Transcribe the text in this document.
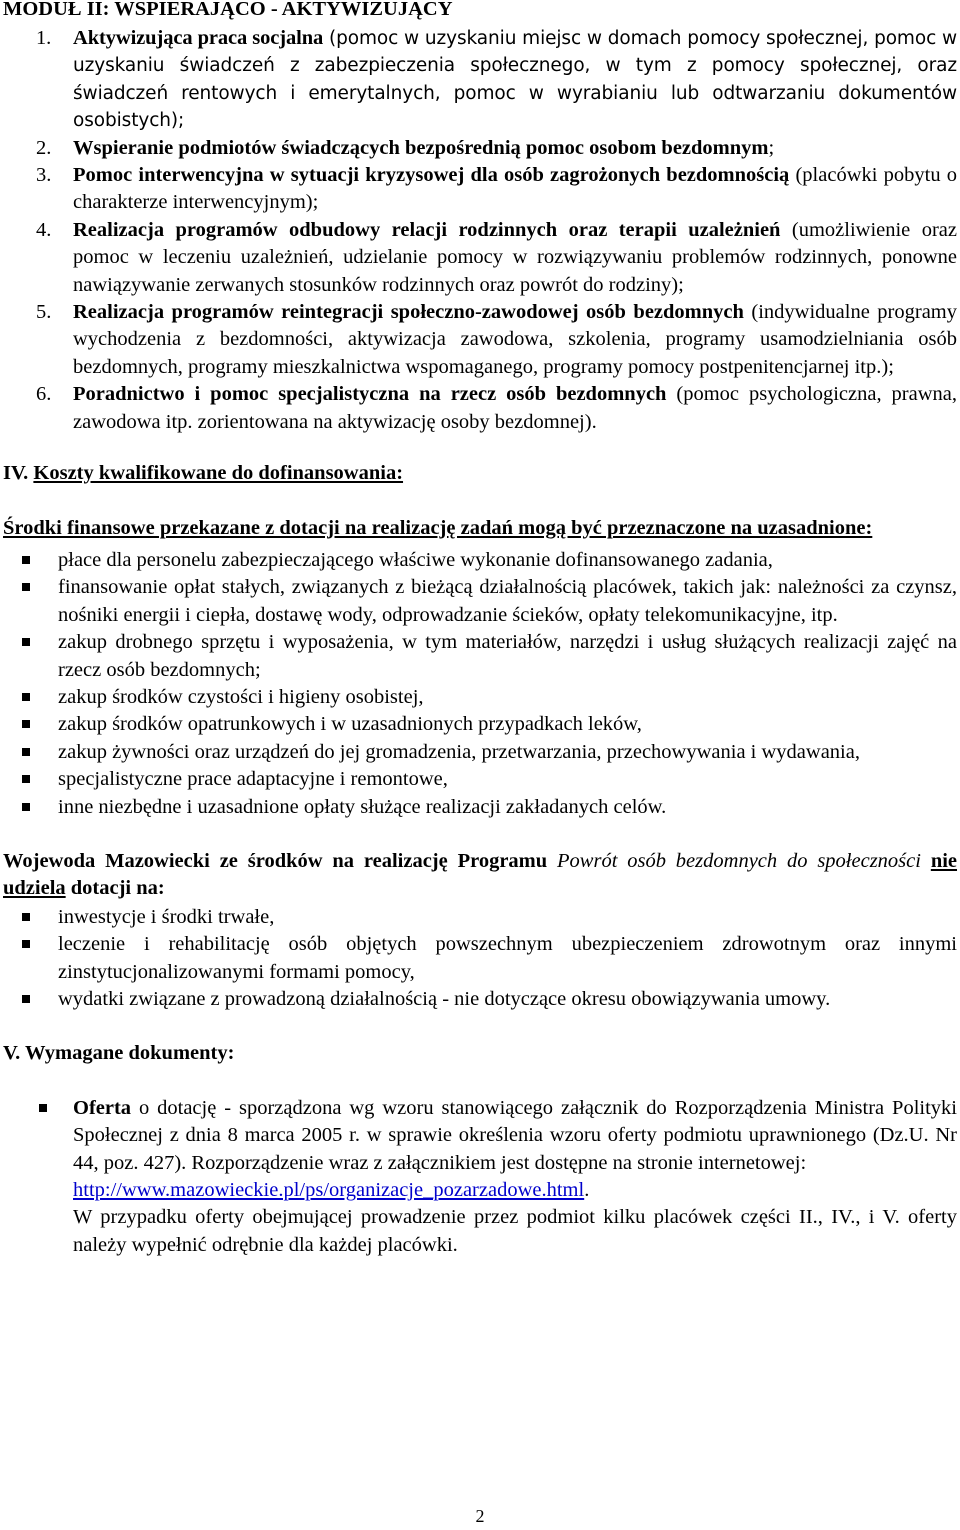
MODUŁ II: WSPIERAJĄCO - AKTYWIZUJĄCY

1. Aktywizująca praca socjalna (pomoc w uzyskaniu miejsc w domach pomocy społecznej, pomoc w uzyskaniu świadczeń z zabezpieczenia społecznego, w tym z pomocy społecznej, oraz świadczeń rentowych i emerytalnych, pomoc w wyrabianiu lub odtwarzaniu dokumentów osobistych);
2. Wspieranie podmiotów świadczących bezpośrednią pomoc osobom bezdomnym;
3. Pomoc interwencyjna w sytuacji kryzysowej dla osób zagrożonych bezdomnością (placówki pobytu o charakterze interwencyjnym);
4. Realizacja programów odbudowy relacji rodzinnych oraz terapii uzależnień (umożliwienie oraz pomoc w leczeniu uzależnień, udzielanie pomocy w rozwiązywaniu problemów rodzinnych, ponowne nawiązywanie zerwanych stosunków rodzinnych oraz powrót do rodziny);
5. Realizacja programów reintegracji społeczno-zawodowej osób bezdomnych (indywidualne programy wychodzenia z bezdomności, aktywizacja zawodowa, szkolenia, programy usamodzielniania osób bezdomnych, programy mieszkalnictwa wspomaganego, programy pomocy postpenitencjarnej itp.);
6. Poradnictwo i pomoc specjalistyczna na rzecz osób bezdomnych (pomoc psychologiczna, prawna, zawodowa itp. zorientowana na aktywizację osoby bezdomnej).

IV. Koszty kwalifikowane do dofinansowania:

Środki finansowe przekazane z dotacji na realizację zadań mogą być przeznaczone na uzasadnione:

płace dla personelu zabezpieczającego właściwe wykonanie dofinansowanego zadania,
finansowanie opłat stałych, związanych z bieżącą działalnością placówek, takich jak: należności za czynsz, nośniki energii i ciepła, dostawę wody, odprowadzanie ścieków, opłaty telekomunikacyjne, itp.
zakup drobnego sprzętu i wyposażenia, w tym materiałów, narzędzi i usług służących realizacji zajęć na rzecz osób bezdomnych;
zakup środków czystości i higieny osobistej,
zakup środków opatrunkowych i w uzasadnionych przypadkach leków,
zakup żywności oraz urządzeń do jej gromadzenia, przetwarzania, przechowywania i wydawania,
specjalistyczne prace adaptacyjne i remontowe,
inne niezbędne i uzasadnione opłaty służące realizacji zakładanych celów.

Wojewoda Mazowiecki ze środków na realizację Programu Powrót osób bezdomnych do społeczności nie udziela dotacji na:

inwestycje i środki trwałe,
leczenie i rehabilitację osób objętych powszechnym ubezpieczeniem zdrowotnym oraz innymi zinstytucjonalizowanymi formami pomocy,
wydatki związane z prowadzoną działalnością - nie dotyczące okresu obowiązywania umowy.

V. Wymagane dokumenty:

Oferta o dotację - sporządzona wg wzoru stanowiącego załącznik do Rozporządzenia Ministra Polityki Społecznej z dnia 8 marca 2005 r. w sprawie określenia wzoru oferty podmiotu uprawnionego (Dz.U. Nr 44, poz. 427). Rozporządzenie wraz z załącznikiem jest dostępne na stronie internetowej:
http://www.mazowieckie.pl/ps/organizacje_pozarzadowe.html.
W przypadku oferty obejmującej prowadzenie przez podmiot kilku placówek części II., IV., i V. oferty należy wypełnić odrębnie dla każdej placówki.
2
